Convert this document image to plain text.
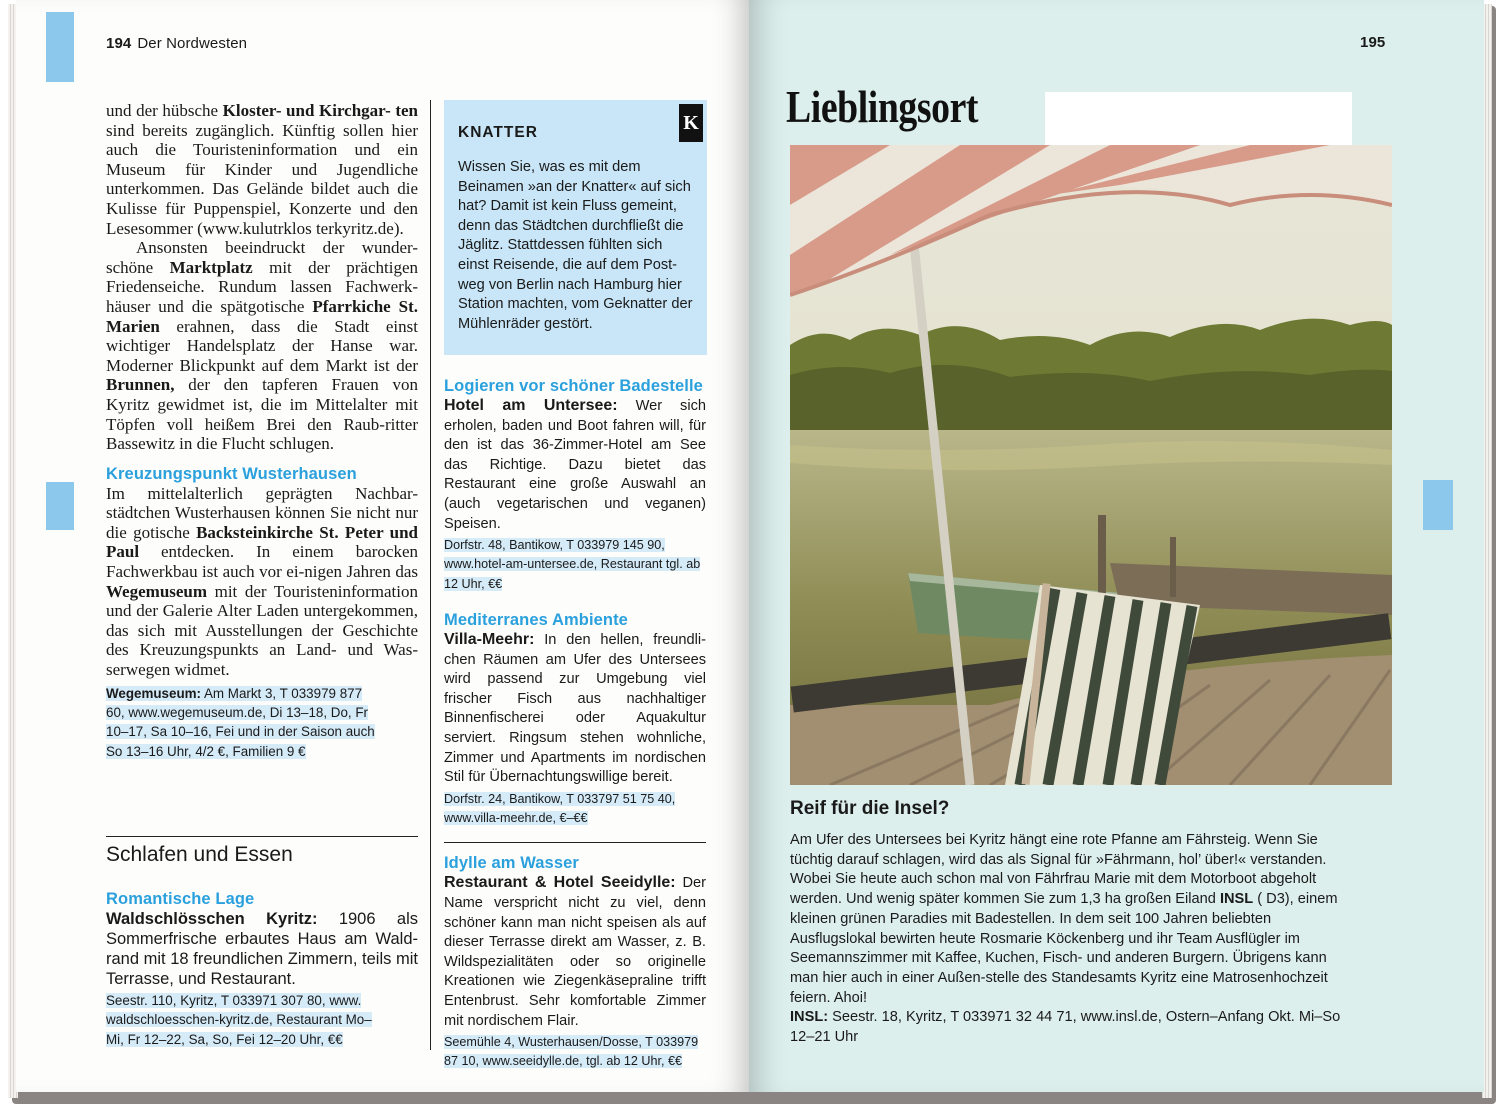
194 Der Nordwesten

und der hübsche Kloster- und Kirchgar- ten sind bereits zugänglich. Künftig sollen hier auch die Touristeninformation und ein Museum für Kinder und Jugendliche unterkommen. Das Gelände bildet auch die Kulisse für Puppenspiel, Konzerte und den Lesesommer (www.kulutrklos terkyritz.de).

Ansonsten beeindruckt der wunder-schöne Marktplatz mit der prächtigen Friedenseiche. Rundum lassen Fachwerk-häuser und die spätgotische Pfarrkiche St. Marien erahnen, dass die Stadt einst wichtiger Handelsplatz der Hanse war. Moderner Blickpunkt auf dem Markt ist der Brunnen, der den tapferen Frauen von Kyritz gewidmet ist, die im Mittelalter mit Töpfen voll heißem Brei den Raub-ritter Bassewitz in die Flucht schlugen.

Kreuzungspunkt Wusterhausen

Im mittelalterlich geprägten Nachbar-städtchen Wusterhausen können Sie nicht nur die gotische Backsteinkirche St. Peter und Paul entdecken. In einem barocken Fachwerkbau ist auch vor ei-nigen Jahren das Wegemuseum mit der Touristeninformation und der Galerie Alter Laden untergekommen, das sich mit Ausstellungen der Geschichte des Kreuzungspunkts an Land- und Was-serwegen widmet.

Wegemuseum: Am Markt 3, T 033979 877
60, www.wegemuseum.de, Di 13–18, Do, Fr
10–17, Sa 10–16, Fei und in der Saison auch
So 13–16 Uhr, 4/2 €, Familien 9 €
Schlafen und Essen
Romantische Lage
Waldschlösschen Kyritz: 1906 als Sommerfrische erbautes Haus am Wald-rand mit 18 freundlichen Zimmern, teils mit Terrasse, und Restaurant.
Seestr. 110, Kyritz, T 033971 307 80, www.
waldschloesschen-kyritz.de, Restaurant Mo–
Mi, Fr 12–22, Sa, So, Fei 12–20 Uhr, €€
K
KNATTER
Wissen Sie, was es mit dem Beinamen »an der Knatter« auf sich hat? Damit ist kein Fluss gemeint, denn das Städtchen durchfließt die Jäglitz. Stattdessen fühlten sich einst Reisende, die auf dem Post-weg von Berlin nach Hamburg hier Station machten, vom Geknatter der Mühlenräder gestört.
Logieren vor schöner Badestelle
Hotel am Untersee: Wer sich erholen, baden und Boot fahren will, für den ist das 36-Zimmer-Hotel am See das Richtige. Dazu bietet das Restaurant eine große Auswahl an (auch vegetarischen und veganen) Speisen.
Dorfstr. 48, Bantikow, T 033979 145 90,
www.hotel-am-untersee.de, Restaurant tgl. ab
12 Uhr, €€
Mediterranes Ambiente
Villa-Meehr: In den hellen, freundli-chen Räumen am Ufer des Untersees wird passend zur Umgebung viel frischer Fisch aus nachhaltiger Binnenfischerei oder Aquakultur serviert. Ringsum stehen wohnliche, Zimmer und Apartments im nordischen Stil für Übernachtungswillige bereit.
Dorfstr. 24, Bantikow, T 033797 51 75 40,
www.villa-meehr.de, €–€€
Idylle am Wasser
Restaurant & Hotel Seeidylle: Der Name verspricht nicht zu viel, denn schöner kann man nicht speisen als auf dieser Terrasse direkt am Wasser, z. B. Wildspezialitäten oder so originelle Kreationen wie Ziegenkäsepraline trifft Entenbrust. Sehr komfortable Zimmer mit nordischem Flair.
Seemühle 4, Wusterhausen/Dosse, T 033979
87 10, www.seeidylle.de, tgl. ab 12 Uhr, €€
195
Lieblingsort
Reif für die Insel?
Am Ufer des Untersees bei Kyritz hängt eine rote Pfanne am Fährsteig. Wenn Sie tüchtig darauf schlagen, wird das als Signal für »Fährmann, hol’ über!« verstanden. Wobei Sie heute auch schon mal von Fährfrau Marie mit dem Motorboot abgeholt werden. Und wenig später kommen Sie zum 1,3 ha großen Eiland INSL ( D3), einem kleinen grünen Paradies mit Badestellen. In dem seit 100 Jahren beliebten Ausflugslokal bewirten heute Rosmarie Köckenberg und ihr Team Ausflügler im Seemannszimmer mit Kaffee, Kuchen, Fisch- und anderen Burgern. Übrigens kann man hier auch in einer Außen-stelle des Standesamts Kyritz eine Matrosenhochzeit feiern. Ahoi!
INSL: Seestr. 18, Kyritz, T 033971 32 44 71, www.insl.de, Ostern–Anfang Okt. Mi–So 12–21 Uhr
